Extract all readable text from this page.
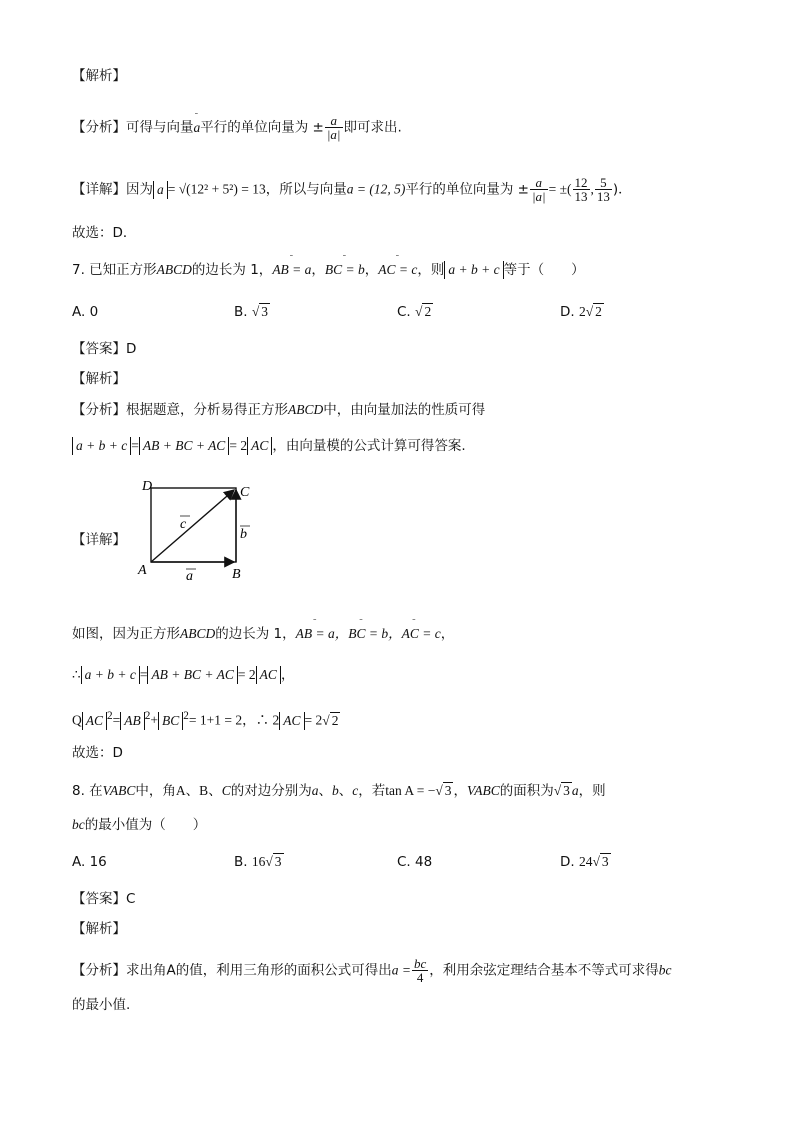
【解析】
【分析】可得与向量ˉ a平行的单位向量为 ± $\frac{a}{|a|}$ 即可求出.
【详解】因为 a = √(12² + 5²) = 13，所以与向量a = (12, 5)平行的单位向量为 ± $\frac{a}{|a|}$ = ±( $\frac{12}{13}$ , $\frac{5}{13}$ )．
故选：D．
7. 已知正方形ABCD的边长为 1，ˉ AB = a，ˉ BC = b，ˉ AC = c，则 a + b + c 等于（　　）
A. 0	B. √ 3	C. √ 2	D. 2√ 2
【答案】D
【解析】
【分析】根据题意，分析易得正方形ABCD中，由向量加法的性质可得
a + b + c = AB + BC + AC = 2 AC ，由向量模的公式计算可得答案.
【详解】
D	C
A	B
a
b
c
如图，因为正方形ABCD的边长为 1，ˉ AB = aˉ ，BC = bˉ ，AC = c，
∴ a + b + c = AB + BC + AC = 2 AC ，
Q AC $^2$= AB $^2$+ BC $^2$= 1+1 = 2，∴ 2 AC = 2√ 2
故选：D
8. 在VABC中，角A、B、C的对边分别为a、b、c，若tan A = −√ 3 ，VABC的面积为√ 3 a，则
bc的最小值为（　　）
A. 16	B. 16√ 3	C. 48	D. 24√ 3
【答案】C
【解析】
【分析】求出角A的值，利用三角形的面积公式可得出$a = \frac{bc}{4}$ ，利用余弦定理结合基本不等式可求得bc
的最小值.
